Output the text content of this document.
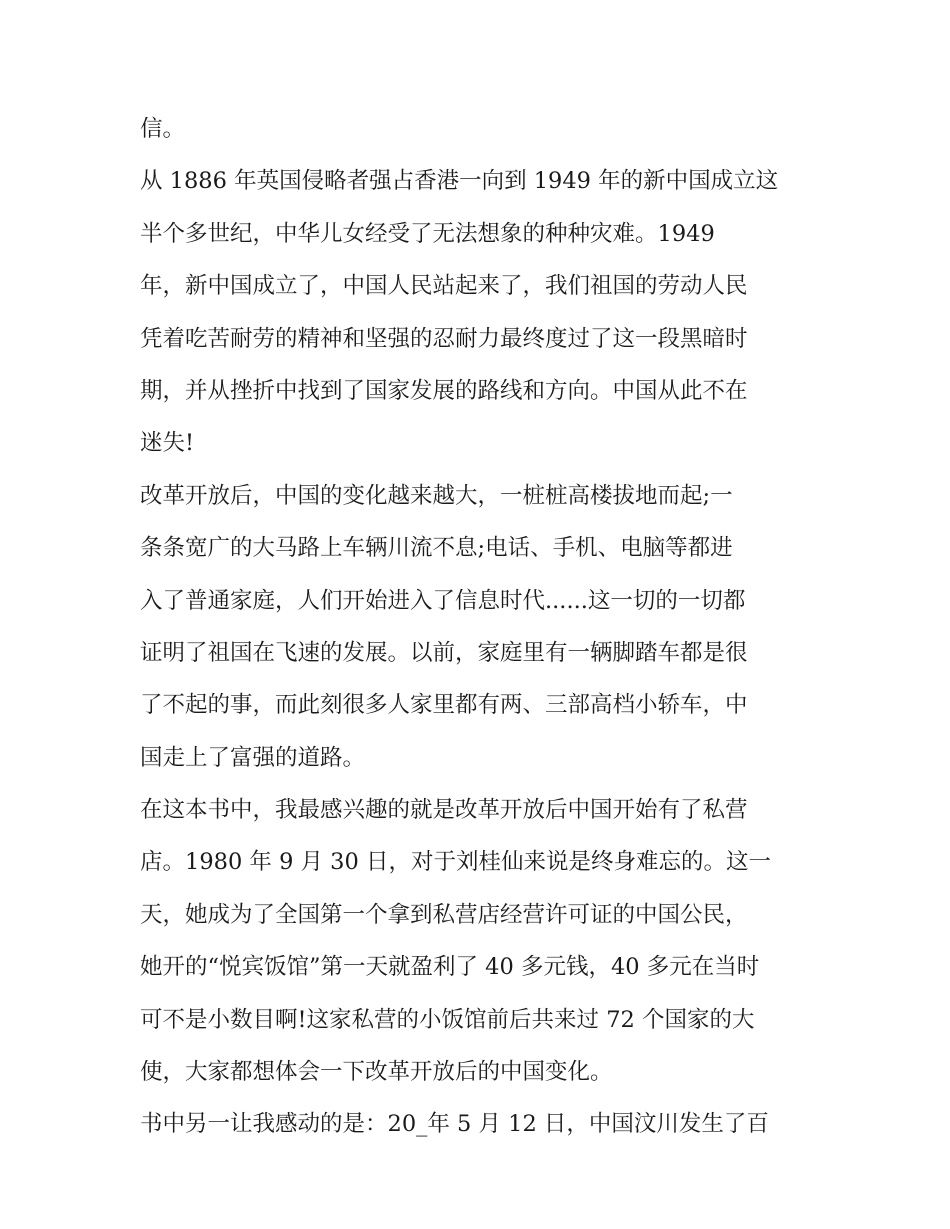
信。
从 1886 年英国侵略者强占香港一向到 1949 年的新中国成立这
半个多世纪，中华儿女经受了无法想象的种种灾难。1949
年，新中国成立了，中国人民站起来了，我们祖国的劳动人民
凭着吃苦耐劳的精神和坚强的忍耐力最终度过了这一段黑暗时
期，并从挫折中找到了国家发展的路线和方向。中国从此不在
迷失!
改革开放后，中国的变化越来越大，一桩桩高楼拔地而起;一
条条宽广的大马路上车辆川流不息;电话、手机、电脑等都进
入了普通家庭，人们开始进入了信息时代......这一切的一切都
证明了祖国在飞速的发展。以前，家庭里有一辆脚踏车都是很
了不起的事，而此刻很多人家里都有两、三部高档小轿车，中
国走上了富强的道路。
在这本书中，我最感兴趣的就是改革开放后中国开始有了私营
店。1980 年 9 月 30 日，对于刘桂仙来说是终身难忘的。这一
天，她成为了全国第一个拿到私营店经营许可证的中国公民，
她开的“悦宾饭馆”第一天就盈利了 40 多元钱，40 多元在当时
可不是小数目啊!这家私营的小饭馆前后共来过 72 个国家的大
使，大家都想体会一下改革开放后的中国变化。
书中另一让我感动的是：20_年 5 月 12 日，中国汶川发生了百
